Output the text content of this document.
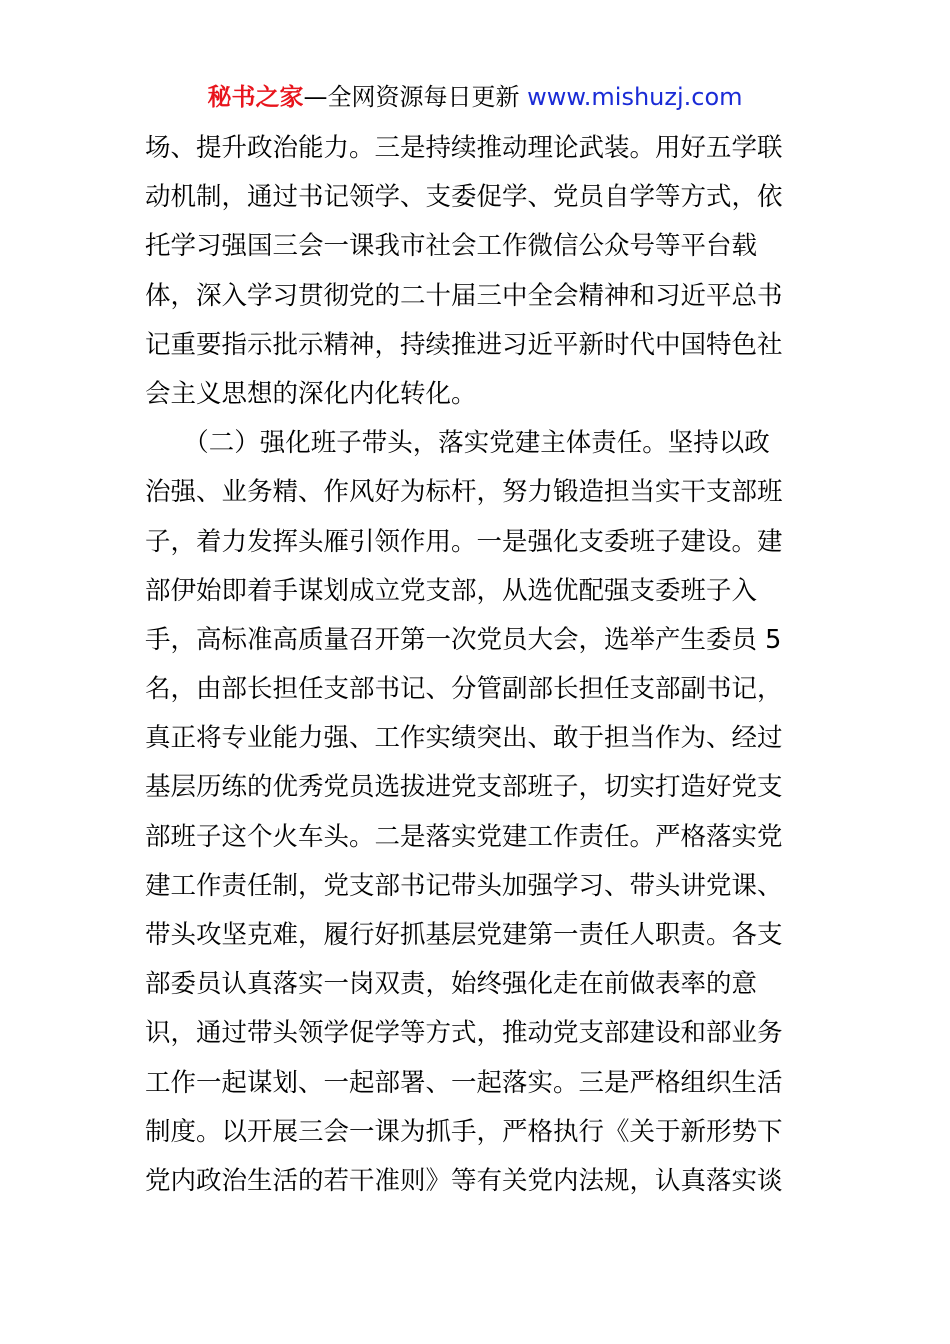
秘书之家—全网资源每日更新 www.mishuzj.com
场、提升政治能力。三是持续推动理论武装。用好五学联
动机制，通过书记领学、支委促学、党员自学等方式，依
托学习强国三会一课我市社会工作微信公众号等平台载
体，深入学习贯彻党的二十届三中全会精神和习近平总书
记重要指示批示精神，持续推进习近平新时代中国特色社
会主义思想的深化内化转化。
　　（二）强化班子带头，落实党建主体责任。坚持以政
治强、业务精、作风好为标杆，努力锻造担当实干支部班
子，着力发挥头雁引领作用。一是强化支委班子建设。建
部伊始即着手谋划成立党支部，从选优配强支委班子入
手，高标准高质量召开第一次党员大会，选举产生委员 5
名，由部长担任支部书记、分管副部长担任支部副书记，
真正将专业能力强、工作实绩突出、敢于担当作为、经过
基层历练的优秀党员选拔进党支部班子，切实打造好党支
部班子这个火车头。二是落实党建工作责任。严格落实党
建工作责任制，党支部书记带头加强学习、带头讲党课、
带头攻坚克难，履行好抓基层党建第一责任人职责。各支
部委员认真落实一岗双责，始终强化走在前做表率的意
识，通过带头领学促学等方式，推动党支部建设和部业务
工作一起谋划、一起部署、一起落实。三是严格组织生活
制度。以开展三会一课为抓手，严格执行《关于新形势下
党内政治生活的若干准则》等有关党内法规，认真落实谈
